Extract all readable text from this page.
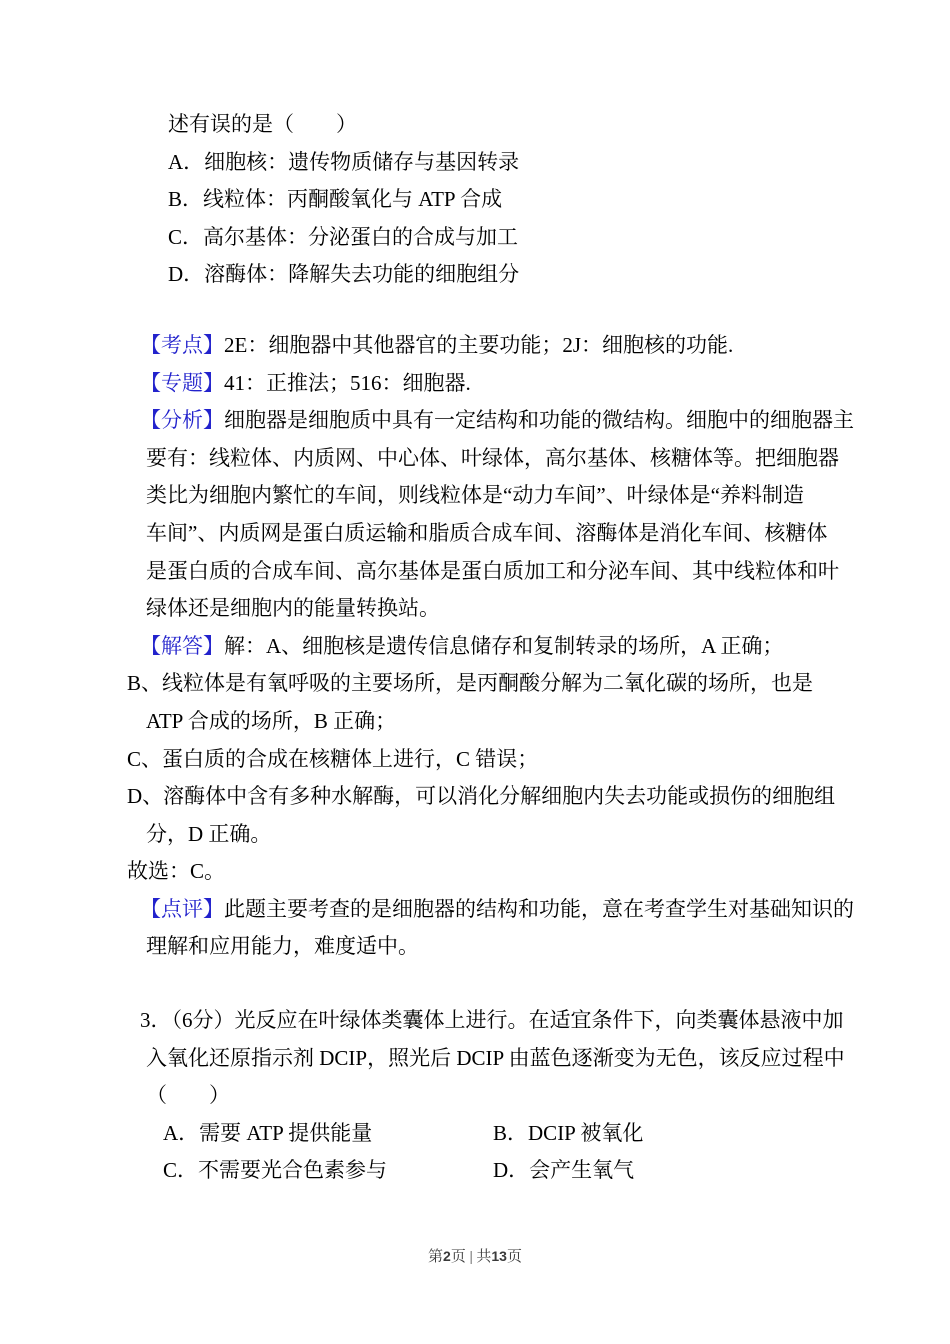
述有误的是（　　）
A．细胞核：遗传物质储存与基因转录
B．线粒体：丙酮酸氧化与 ATP 合成
C．高尔基体：分泌蛋白的合成与加工
D．溶酶体：降解失去功能的细胞组分
【考点】2E：细胞器中其他器官的主要功能；2J：细胞核的功能.
【专题】41：正推法；516：细胞器.
【分析】细胞器是细胞质中具有一定结构和功能的微结构。细胞中的细胞器主
要有：线粒体、内质网、中心体、叶绿体，高尔基体、核糖体等。把细胞器
类比为细胞内繁忙的车间，则线粒体是“动力车间”、叶绿体是“养料制造
车间”、内质网是蛋白质运输和脂质合成车间、溶酶体是消化车间、核糖体
是蛋白质的合成车间、高尔基体是蛋白质加工和分泌车间、其中线粒体和叶
绿体还是细胞内的能量转换站。
【解答】解：A、细胞核是遗传信息储存和复制转录的场所，A 正确；
B、线粒体是有氧呼吸的主要场所，是丙酮酸分解为二氧化碳的场所，也是
ATP 合成的场所，B 正确；
C、蛋白质的合成在核糖体上进行，C 错误；
D、溶酶体中含有多种水解酶，可以消化分解细胞内失去功能或损伤的细胞组
分，D 正确。
故选：C。
【点评】此题主要考查的是细胞器的结构和功能，意在考查学生对基础知识的
理解和应用能力，难度适中。
3．（6分）光反应在叶绿体类囊体上进行。在适宜条件下，向类囊体悬液中加
入氧化还原指示剂 DCIP，照光后 DCIP 由蓝色逐渐变为无色，该反应过程中
（　　）
A．需要 ATP 提供能量	B．DCIP 被氧化
C．不需要光合色素参与	D．会产生氧气
第2页 | 共13页
